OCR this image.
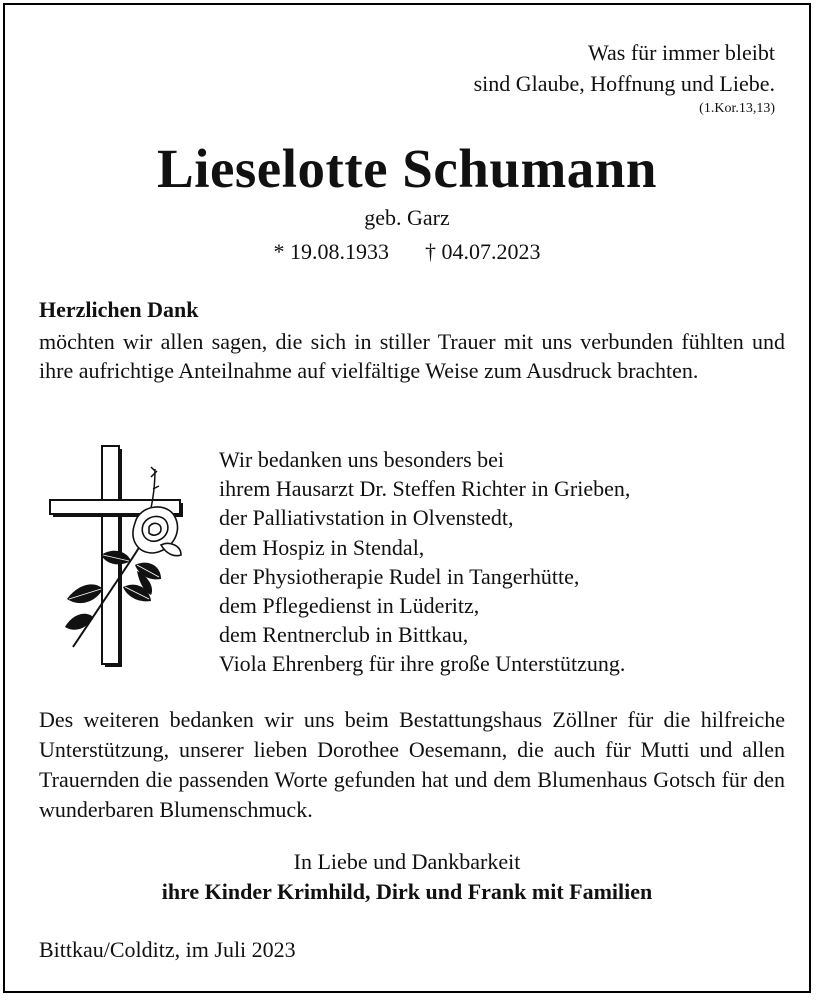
Was für immer bleibt
sind Glaube, Hoffnung und Liebe.
(1.Kor.13,13)
Lieselotte Schumann
geb. Garz
* 19.08.1933 † 04.07.2023
Herzlichen Dank
möchten wir allen sagen, die sich in stiller Trauer mit uns verbunden fühlten und ihre aufrichtige Anteilnahme auf vielfältige Weise zum Ausdruck brachten.
Wir bedanken uns besonders bei
ihrem Hausarzt Dr. Steffen Richter in Grieben,
der Palliativstation in Olvenstedt,
dem Hospiz in Stendal,
der Physiotherapie Rudel in Tangerhütte,
dem Pflegedienst in Lüderitz,
dem Rentnerclub in Bittkau,
Viola Ehrenberg für ihre große Unterstützung.
Des weiteren bedanken wir uns beim Bestattungshaus Zöllner für die hilfreiche Unterstützung, unserer lieben Dorothee Oesemann, die auch für Mutti und allen Trauernden die passenden Worte gefunden hat und dem Blumenhaus Gotsch für den wunderbaren Blumenschmuck.
In Liebe und Dankbarkeit
ihre Kinder Krimhild, Dirk und Frank mit Familien
Bittkau/Colditz, im Juli 2023
